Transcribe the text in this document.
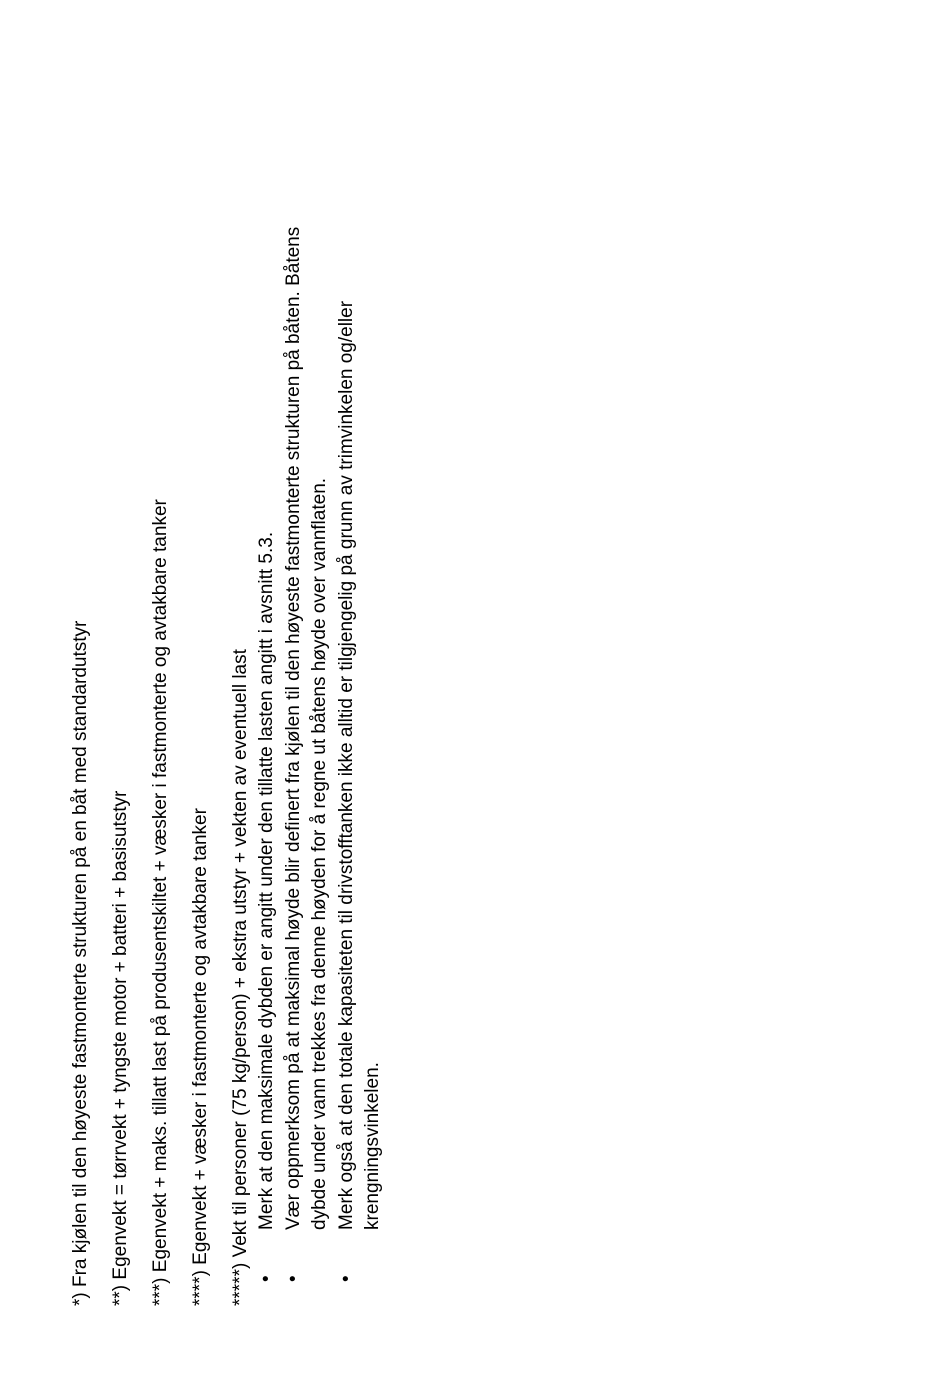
*) Fra kjølen til den høyeste fastmonterte strukturen på en båt med standardutstyr **) Egenvekt = tørrvekt + tyngste motor + batteri + basisutstyr ***) Egenvekt + maks. tillatt last på produsentskiltet + væsker i fastmonterte og avtakbare tanker ****) Egenvekt + væsker i fastmonterte og avtakbare tanker *****) Vekt til personer (75 kg/person) + ekstra utstyr + vekten av eventuell last •
Merk at den maksimale dybden er angitt under den tillatte lasten angitt i avsnitt 5.3.
•
Vær oppmerksom på at maksimal høyde blir definert fra kjølen til den høyeste fastmonterte strukturen på båten. Båtens dybde under vann trekkes fra denne høyden for å regne ut båtens høyde over vannflaten.
•
Merk også at den totale kapasiteten til drivstofftanken ikke alltid er tilgjengelig på grunn av trimvinkelen og/eller krengningsvinkelen.
